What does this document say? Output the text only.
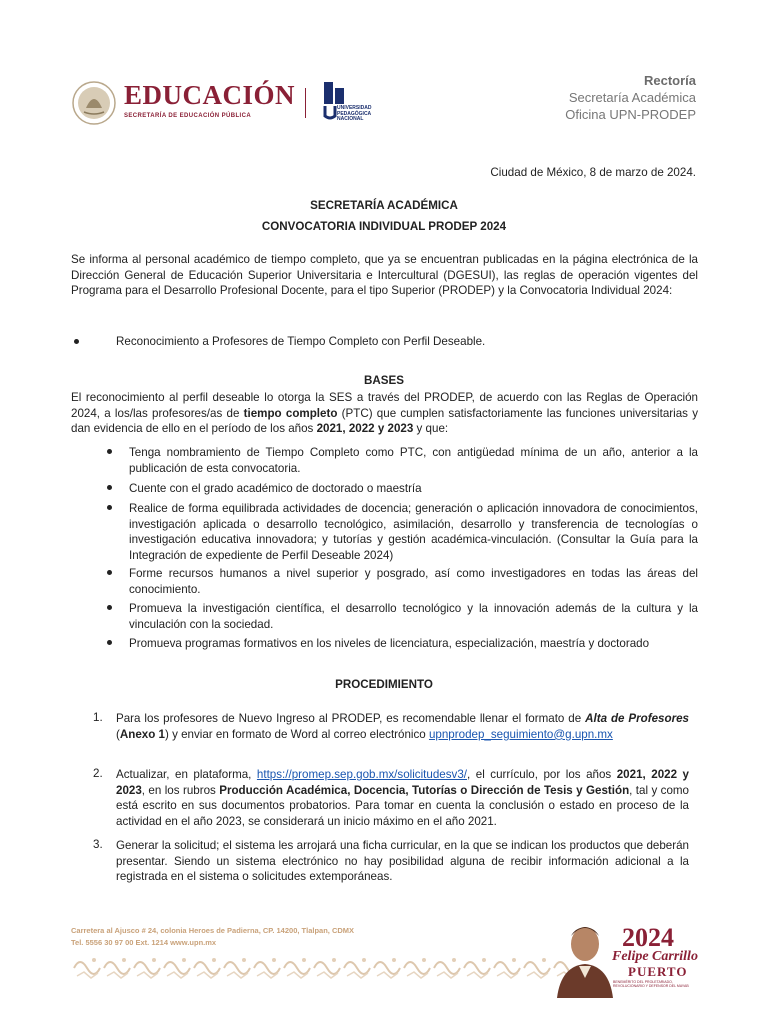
EDUCACIÓN
SECRETARÍA DE EDUCACIÓN PÚBLICA
UNIVERSIDAD
PEDAGÓGICA
NACIONAL
Rectoría
Secretaría Académica
Oficina UPN-PRODEP
Ciudad de México, 8 de marzo de 2024.
SECRETARÍA ACADÉMICA
CONVOCATORIA INDIVIDUAL PRODEP 2024
Se informa al personal académico de tiempo completo, que ya se encuentran publicadas en la página electrónica de la Dirección General de Educación Superior Universitaria e Intercultural (DGESUI), las reglas de operación vigentes del Programa para el Desarrollo Profesional Docente, para el tipo Superior (PRODEP) y la Convocatoria Individual 2024:
Reconocimiento a Profesores de Tiempo Completo con Perfil Deseable.
BASES
El reconocimiento al perfil deseable lo otorga la SES a través del PRODEP, de acuerdo con las Reglas de Operación 2024, a los/las profesores/as de tiempo completo (PTC) que cumplen satisfactoriamente las funciones universitarias y dan evidencia de ello en el período de los años 2021, 2022 y 2023 y que:
Tenga nombramiento de Tiempo Completo como PTC, con antigüedad mínima de un año, anterior a la publicación de esta convocatoria.
Cuente con el grado académico de doctorado o maestría
Realice de forma equilibrada actividades de docencia; generación o aplicación innovadora de conocimientos, investigación aplicada o desarrollo tecnológico, asimilación, desarrollo y transferencia de tecnologías o investigación educativa innovadora; y tutorías y gestión académica-vinculación. (Consultar la Guía para la Integración de expediente de Perfil Deseable 2024)
Forme recursos humanos a nivel superior y posgrado, así como investigadores en todas las áreas del conocimiento.
Promueva la investigación científica, el desarrollo tecnológico y la innovación además de la cultura y la vinculación con la sociedad.
Promueva programas formativos en los niveles de licenciatura, especialización, maestría y doctorado
PROCEDIMIENTO
1. Para los profesores de Nuevo Ingreso al PRODEP, es recomendable llenar el formato de Alta de Profesores (Anexo 1) y enviar en formato de Word al correo electrónico upnprodep_seguimiento@g.upn.mx
2. Actualizar, en plataforma, https://promep.sep.gob.mx/solicitudesv3/, el currículo, por los años 2021, 2022 y 2023, en los rubros Producción Académica, Docencia, Tutorías o Dirección de Tesis y Gestión, tal y como está escrito en sus documentos probatorios. Para tomar en cuenta la conclusión o estado en proceso de la actividad en el año 2023, se considerará un inicio máximo en el año 2021.
3. Generar la solicitud; el sistema les arrojará una ficha curricular, en la que se indican los productos que deberán presentar. Siendo un sistema electrónico no hay posibilidad alguna de recibir información adicional a la registrada en el sistema o solicitudes extemporáneas.
Carretera al Ajusco # 24, colonia Heroes de Padierna, CP. 14200, Tlalpan, CDMX
Tel. 5556 30 97 00 Ext. 1214 www.upn.mx	2024
Felipe Carrillo
PUERTO
BENEMÉRITO DEL PROLETARIADO, REVOLUCIONARIO Y DEFENSOR DEL MAYAB
